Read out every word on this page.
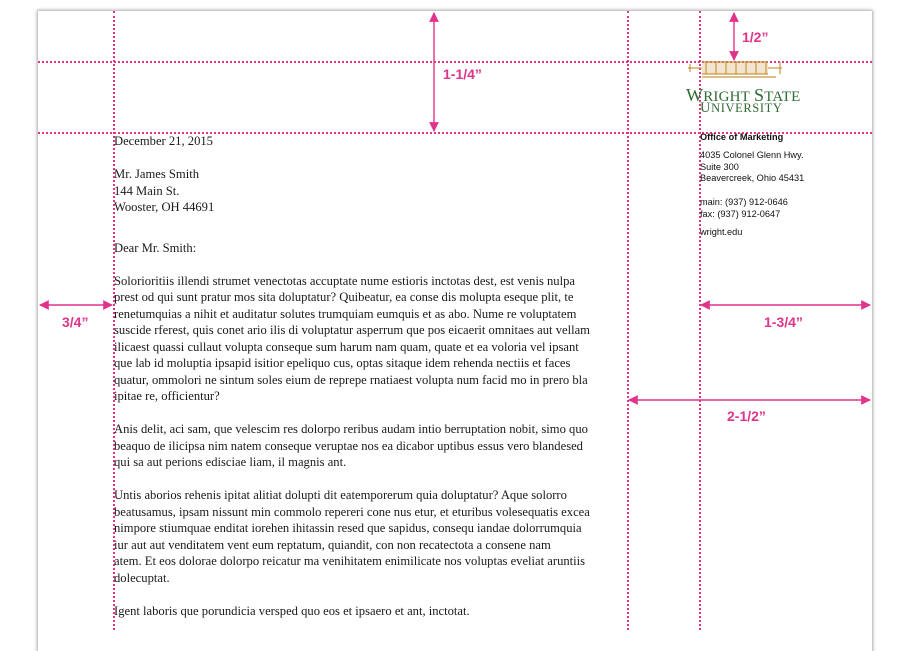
1/2”
1-1/4”
3/4”	1-3/4”
2-1/2”
WRIGHT STATE
UNIVERSITY
Office of Marketing
4035 Colonel Glenn Hwy.
Suite 300
Beavercreek, Ohio 45431
main: (937) 912-0646
fax: (937) 912-0647
wright.edu

December 21, 2015

Mr. James Smith
144 Main St.
Wooster, OH 44691

Dear Mr. Smith:

Solorioritiis illendi strumet venectotas accuptate nume estioris inctotas dest, est venis nulpa
prest od qui sunt pratur mos sita doluptatur? Quibeatur, ea conse dis molupta eseque plit, te
renetumquias a nihit et auditatur solutes trumquiam eumquis et as abo. Nume re voluptatem
suscide rferest, quis conet ario ilis di voluptatur asperrum que pos eicaerit omnitaes aut vellam
ilicaest quassi cullaut volupta conseque sum harum nam quam, quate et ea voloria vel ipsant
que lab id moluptia ipsapid isitior epeliquo cus, optas sitaque idem rehenda nectiis et faces
quatur, ommolori ne sintum soles eium de reprepe rnatiaest volupta num facid mo in prero bla
ipitae re, officientur?

Anis delit, aci sam, que velescim res dolorpo reribus audam intio berruptation nobit, simo quo
beaquo de ilicipsa nim natem conseque veruptae nos ea dicabor uptibus essus vero blandesed
qui sa aut perions edisciae liam, il magnis ant.

Untis aborios rehenis ipitat alitiat dolupti dit eatemporerum quia doluptatur? Aque solorro
beatusamus, ipsam nissunt min commolo repereri cone nus etur, et eturibus volesequatis excea
nimpore stiumquae enditat iorehen ihitassin resed que sapidus, consequ iandae dolorrumquia
iur aut aut venditatem vent eum reptatum, quiandit, con non recatectota a consene nam
atem. Et eos dolorae dolorpo reicatur ma venihitatem enimilicate nos voluptas eveliat aruntiis
dolecuptat.

Igent laboris que porundicia versped quo eos et ipsaero et ant, inctotat.
